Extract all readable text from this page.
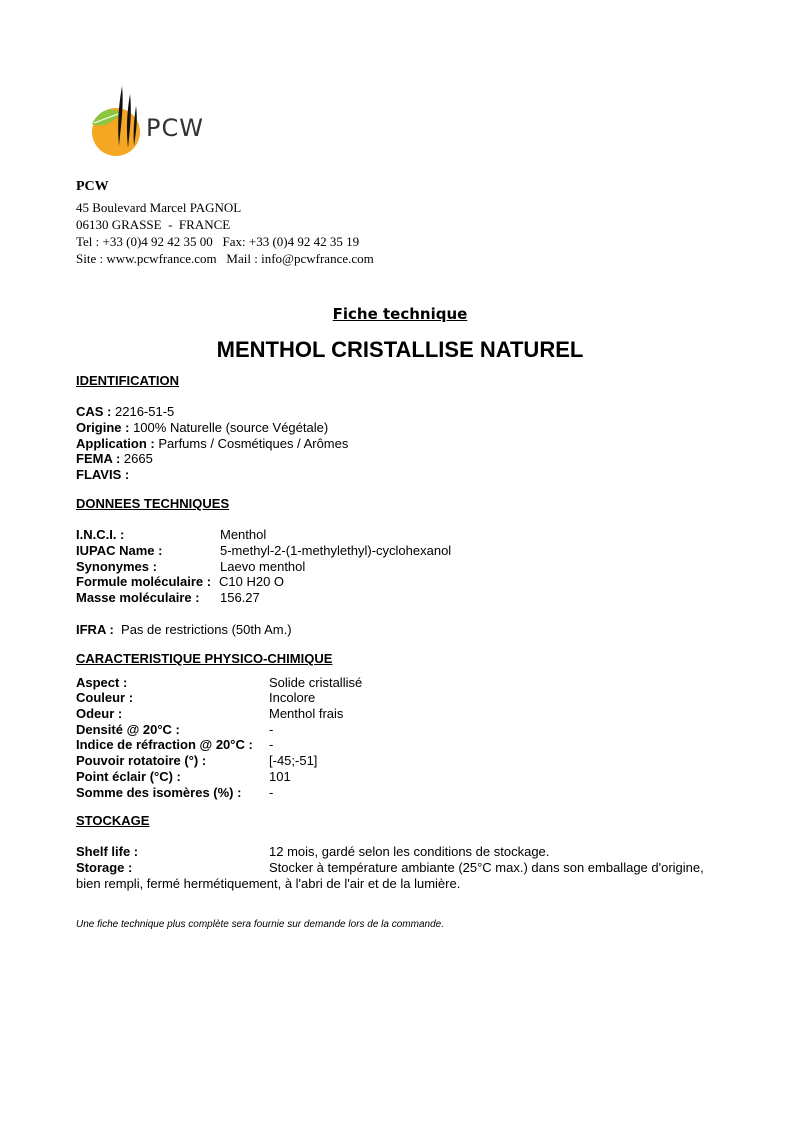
PCW
PCW
45 Boulevard Marcel PAGNOL
06130 GRASSE  -  FRANCE
Tel : +33 (0)4 92 42 35 00   Fax: +33 (0)4 92 42 35 19
Site : www.pcwfrance.com   Mail : info@pcwfrance.com
Fiche technique
MENTHOL CRISTALLISE NATUREL
IDENTIFICATION
CAS : 2216-51-5
Origine : 100% Naturelle (source Végétale)
Application : Parfums / Cosmétiques / Arômes
FEMA : 2665
FLAVIS :
DONNEES TECHNIQUES
I.N.C.I. :	Menthol
IUPAC Name :	5-methyl-2-(1-methylethyl)-cyclohexanol
Synonymes :	Laevo menthol
Formule moléculaire : C10 H20 O
Masse moléculaire : 156.27
IFRA : Pas de restrictions (50th Am.)
CARACTERISTIQUE PHYSICO-CHIMIQUE
Aspect :	Solide cristallisé
Couleur :	Incolore
Odeur :	Menthol frais
Densité @ 20°C :	-
Indice de réfraction @ 20°C : -
Pouvoir rotatoire (°) :	[-45;-51]
Point éclair (°C) :	101
Somme des isomères (%) : -
STOCKAGE
Shelf life :	12 mois, gardé selon les conditions de stockage.
Storage :	Stocker à température ambiante (25°C max.) dans son emballage d'origine,
bien rempli, fermé hermétiquement, à l'abri de l'air et de la lumière.
Une fiche technique plus complète sera fournie sur demande lors de la commande.
